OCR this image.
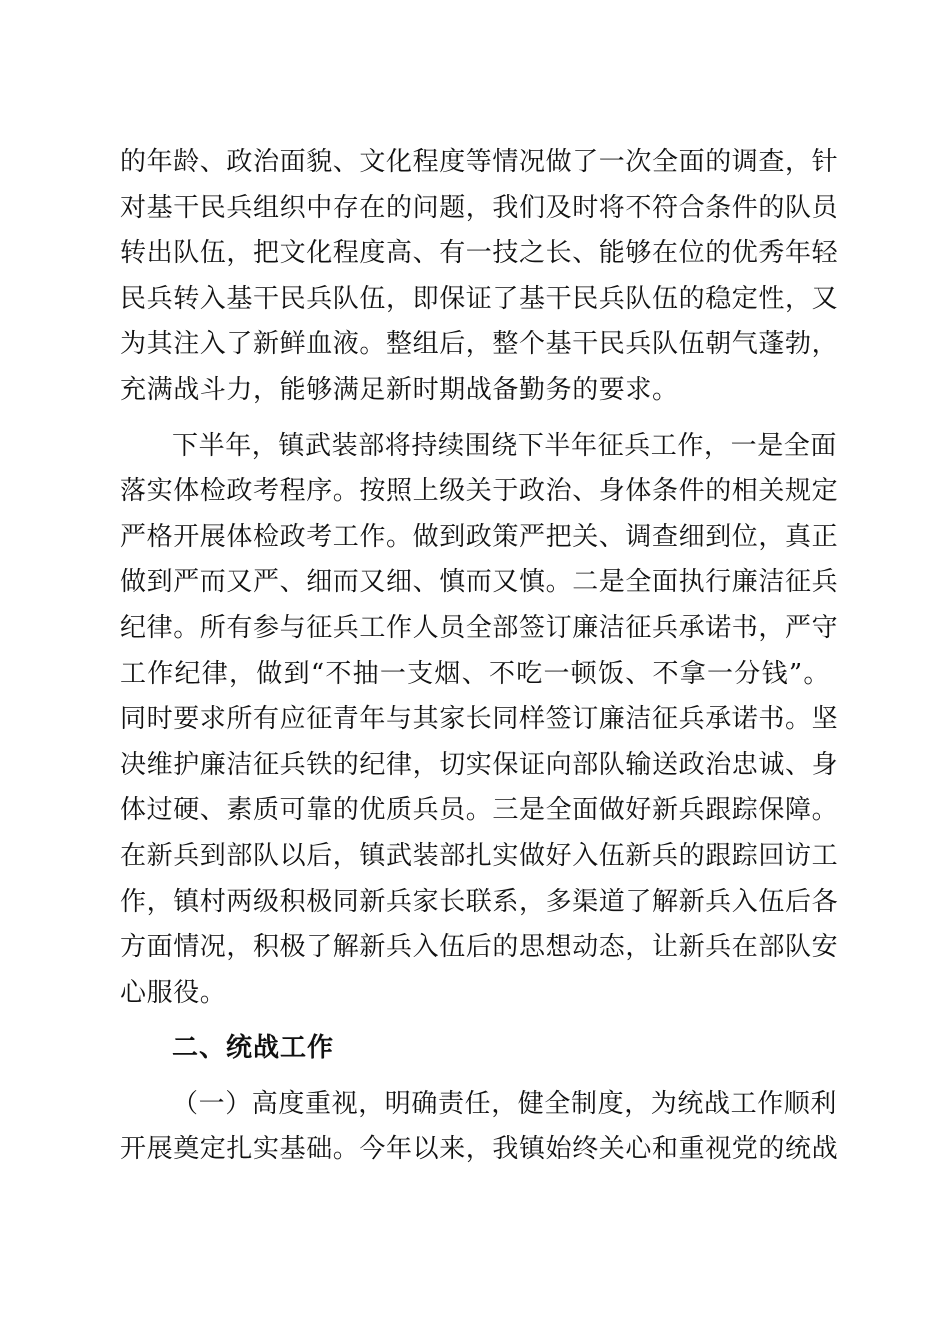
的年龄、政治面貌、文化程度等情况做了一次全面的调查，针
对基干民兵组织中存在的问题，我们及时将不符合条件的队员
转出队伍，把文化程度高、有一技之长、能够在位的优秀年轻
民兵转入基干民兵队伍，即保证了基干民兵队伍的稳定性，又
为其注入了新鲜血液。整组后，整个基干民兵队伍朝气蓬勃，
充满战斗力，能够满足新时期战备勤务的要求。
下半年，镇武装部将持续围绕下半年征兵工作，一是全面
落实体检政考程序。按照上级关于政治、身体条件的相关规定
严格开展体检政考工作。做到政策严把关、调查细到位，真正
做到严而又严、细而又细、慎而又慎。二是全面执行廉洁征兵
纪律。所有参与征兵工作人员全部签订廉洁征兵承诺书，严守
工作纪律，做到“不抽一支烟、不吃一顿饭、不拿一分钱”。
同时要求所有应征青年与其家长同样签订廉洁征兵承诺书。坚
决维护廉洁征兵铁的纪律，切实保证向部队输送政治忠诚、身
体过硬、素质可靠的优质兵员。三是全面做好新兵跟踪保障。
在新兵到部队以后，镇武装部扎实做好入伍新兵的跟踪回访工
作，镇村两级积极同新兵家长联系，多渠道了解新兵入伍后各
方面情况，积极了解新兵入伍后的思想动态，让新兵在部队安
心服役。
二、统战工作
（一）高度重视，明确责任，健全制度，为统战工作顺利
开展奠定扎实基础。今年以来，我镇始终关心和重视党的统战
